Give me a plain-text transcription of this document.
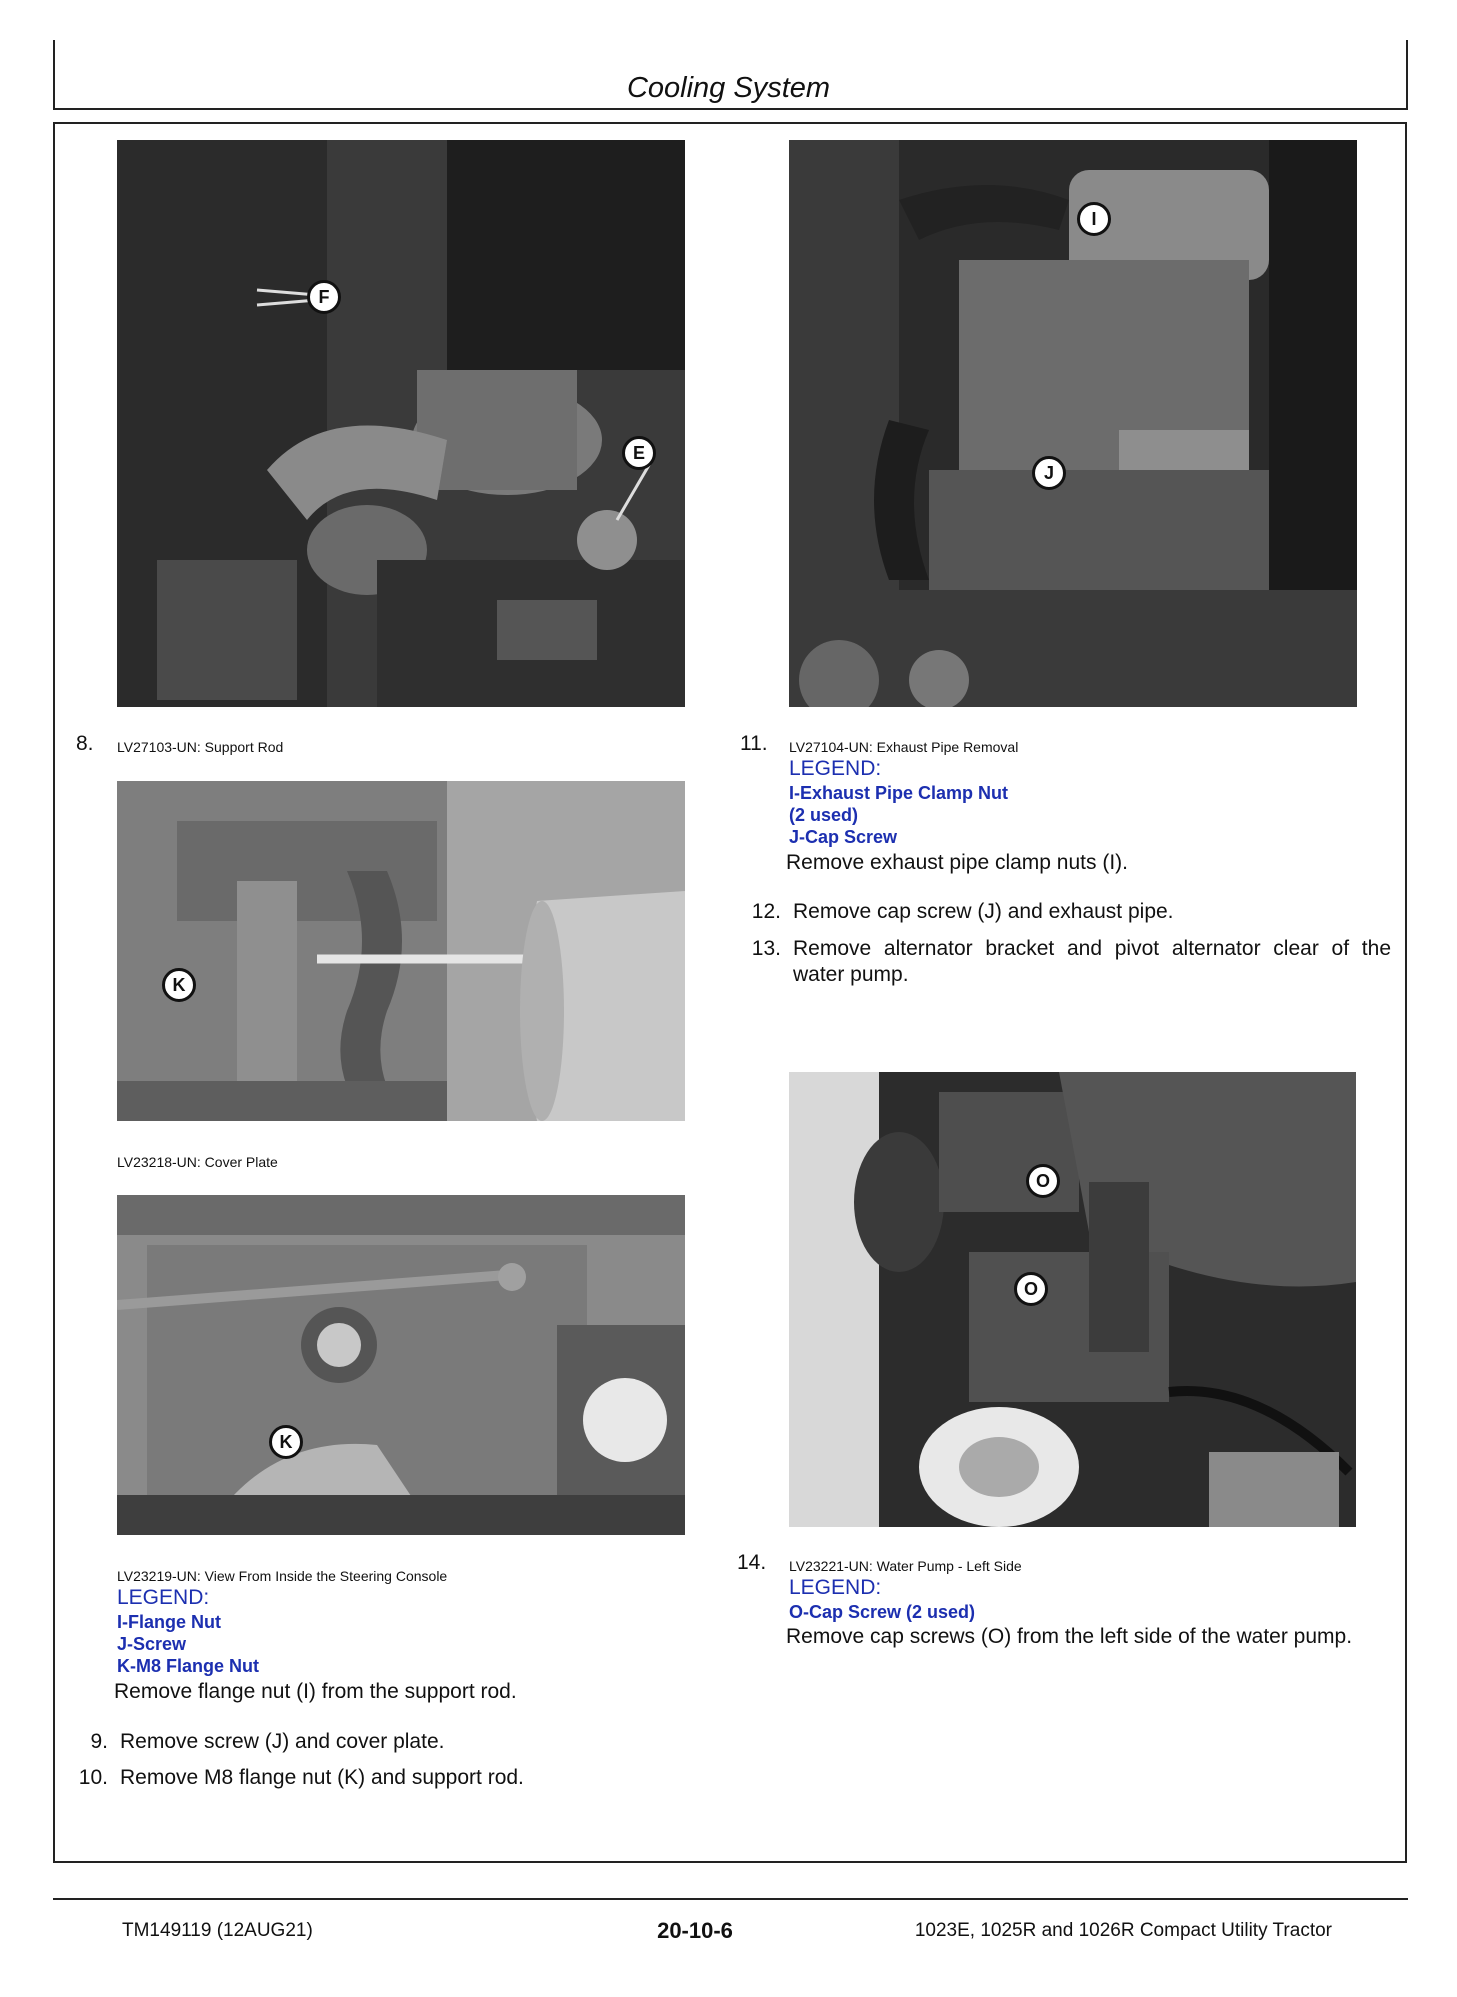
Cooling System
F
E
8. LV27103-UN: Support Rod
K
LV23218-UN: Cover Plate
K
LV23219-UN: View From Inside the Steering Console
LEGEND:
I-Flange Nut
J-Screw
K-M8 Flange Nut
Remove flange nut (I) from the support rod.
9. Remove screw (J) and cover plate.
10. Remove M8 flange nut (K) and support rod.
I
J
11. LV27104-UN: Exhaust Pipe Removal
LEGEND:
I-Exhaust Pipe Clamp Nut
(2 used)
J-Cap Screw
Remove exhaust pipe clamp nuts (I).
12. Remove cap screw (J) and exhaust pipe.
13. Remove alternator bracket and pivot alternator clear of the water pump.
O
O
14. LV23221-UN: Water Pump - Left Side
LEGEND:
O-Cap Screw (2 used)
Remove cap screws (O) from the left side of the water pump.
TM149119 (12AUG21)	20-10-6	1023E, 1025R and 1026R Compact Utility Tractor
